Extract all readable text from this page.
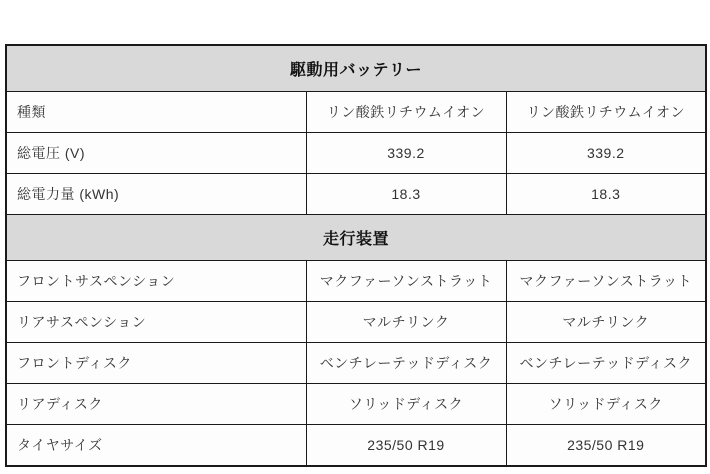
駆動用バッテリー		
種類	リン酸鉄リチウムイオン	リン酸鉄リチウムイオン
総電圧 (V)	339.2	339.2
総電力量 (kWh)	18.3	18.3
走行装置		
フロントサスペンション	マクファーソンストラット	マクファーソンストラット
リアサスペンション	マルチリンク	マルチリンク
フロントディスク	ベンチレーテッドディスク	ベンチレーテッドディスク
リアディスク	ソリッドディスク	ソリッドディスク
タイヤサイズ	235/50 R19	235/50 R19
